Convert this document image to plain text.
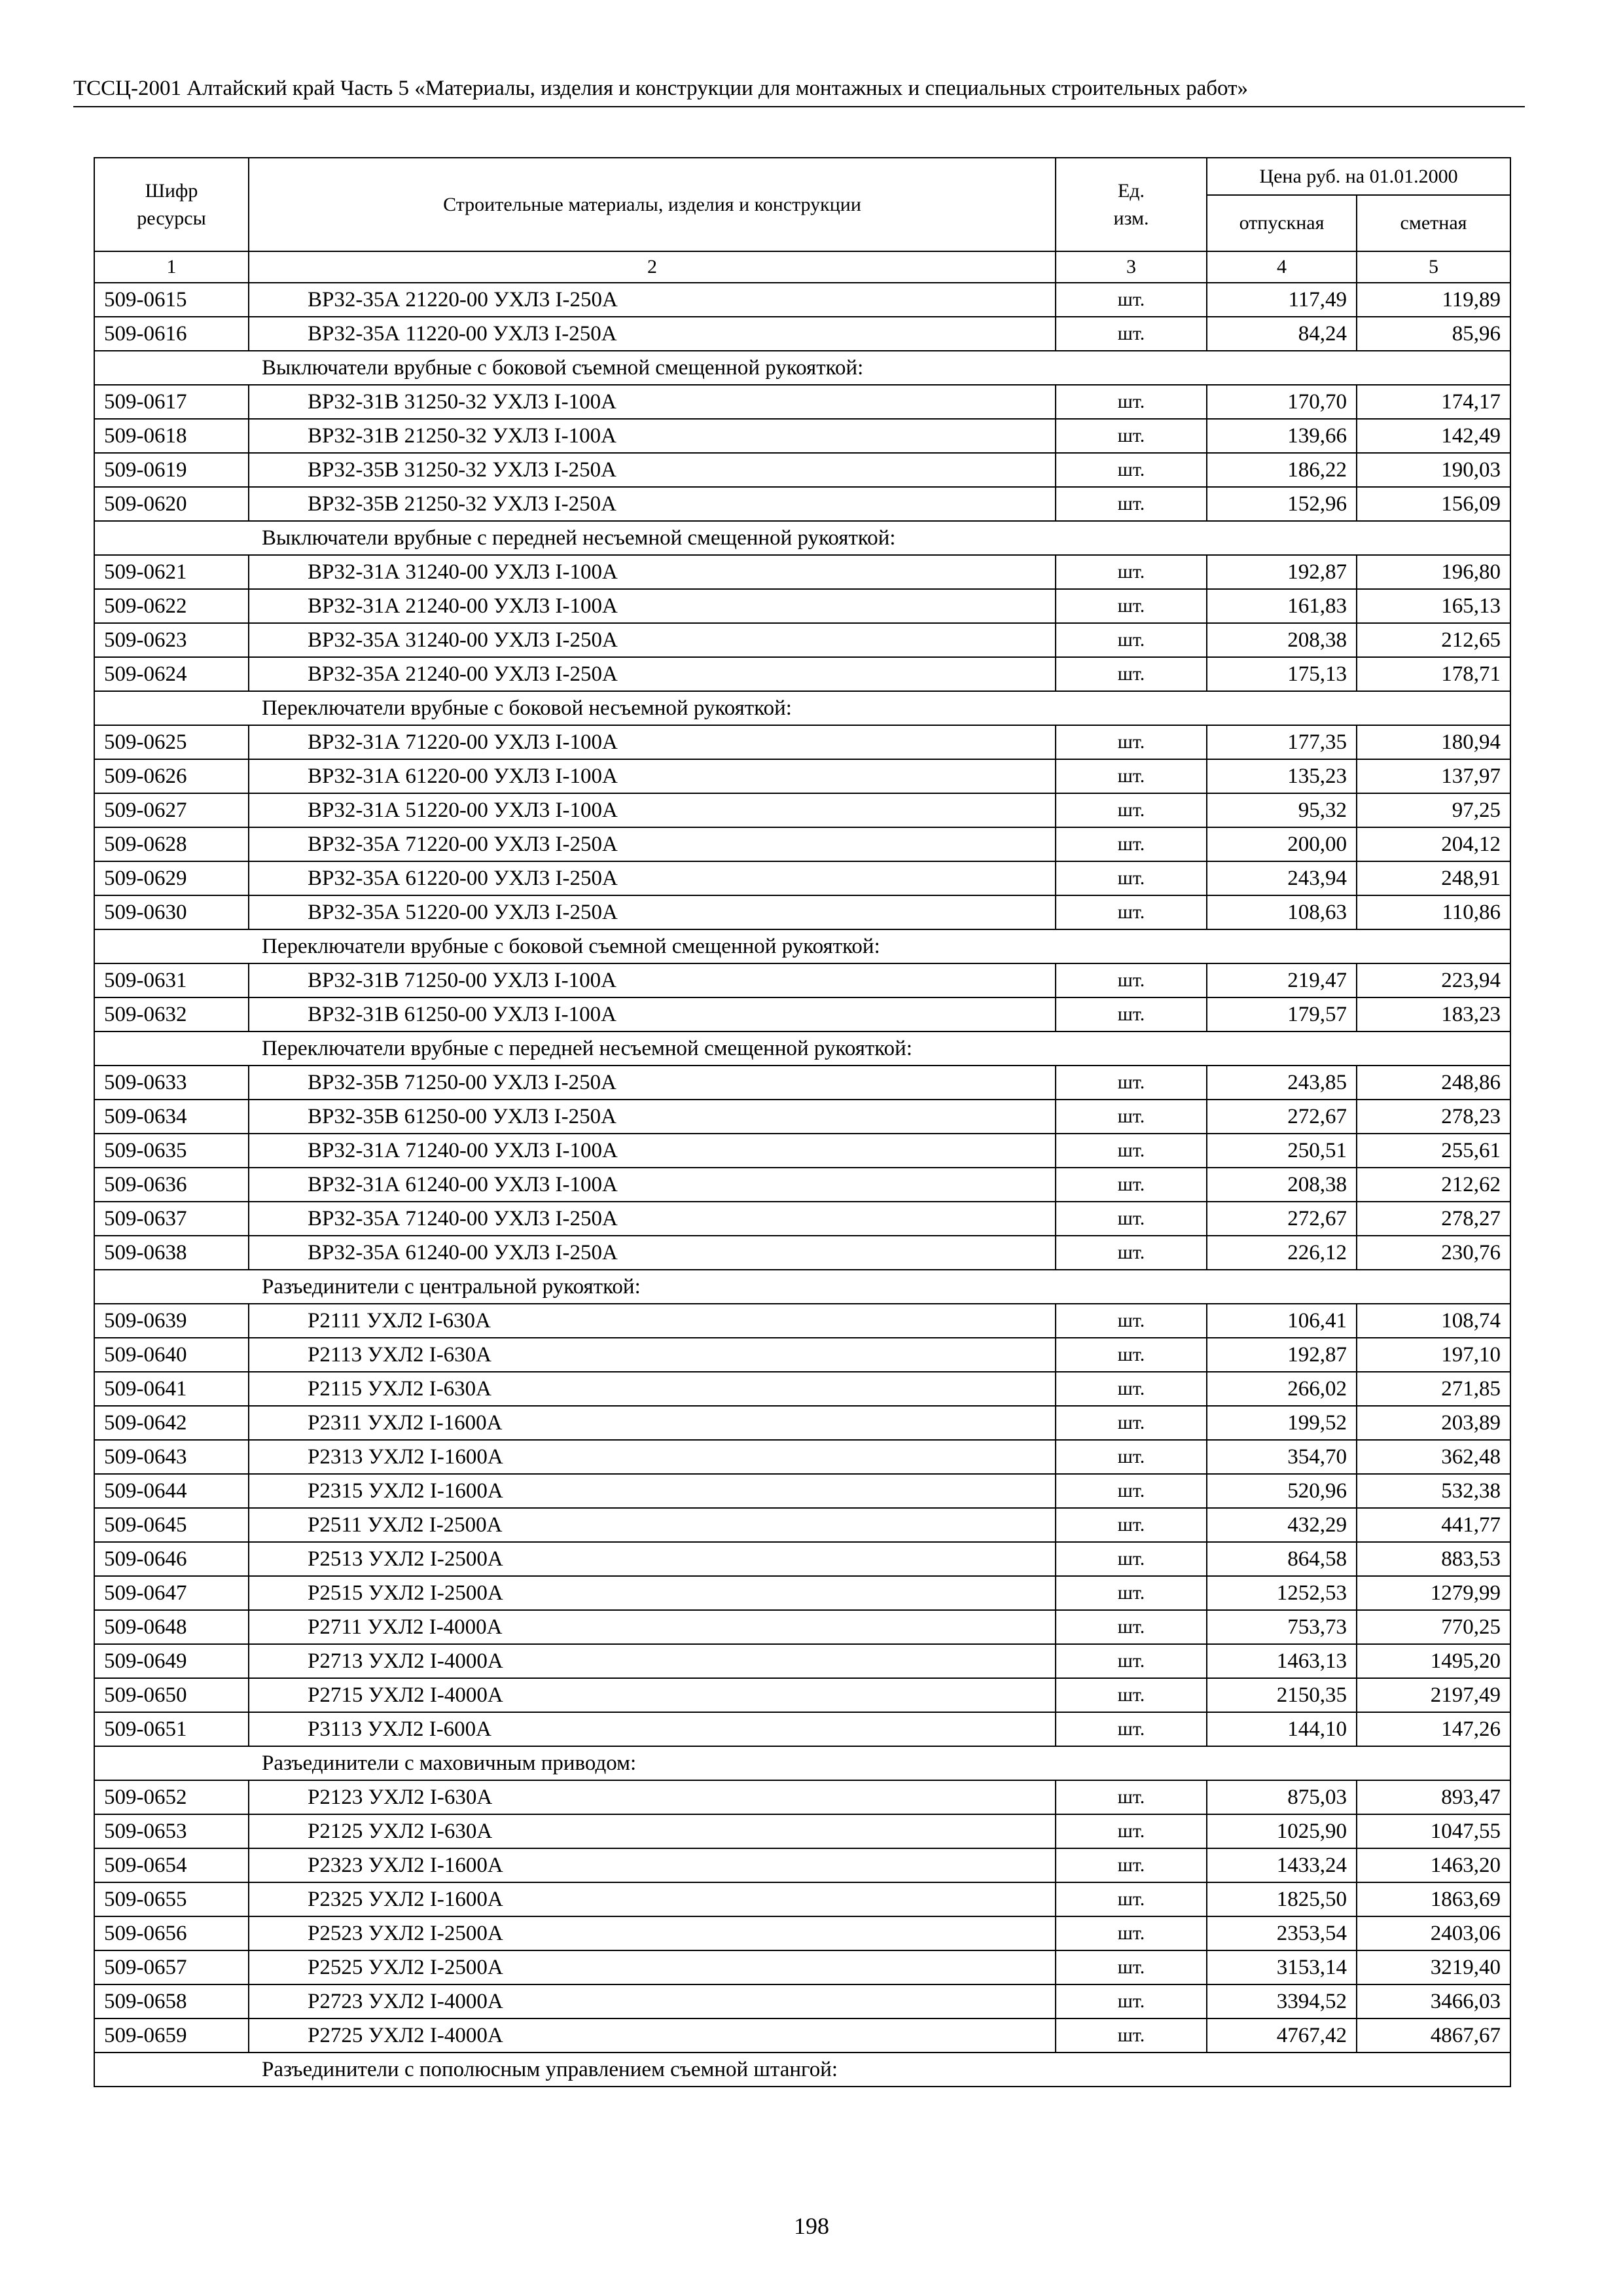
ТССЦ-2001 Алтайский край Часть 5 «Материалы, изделия и конструкции для монтажных и специальных строительных работ»
Шифр ресурсы	Строительные материалы, изделия и конструкции	Ед. изм.	Цена руб. на 01.01.2000	
			отпускная	сметная
1	2	3	4	5
509-0615	ВР32-35А 21220-00 УХЛ3 I-250А	шт.	117,49	119,89
509-0616	ВР32-35А 11220-00 УХЛ3 I-250А	шт.	84,24	85,96
Выключатели врубные с боковой съемной смещенной рукояткой:				
509-0617	ВР32-31В 31250-32 УХЛ3 I-100А	шт.	170,70	174,17
509-0618	ВР32-31В 21250-32 УХЛ3 I-100А	шт.	139,66	142,49
509-0619	ВР32-35В 31250-32 УХЛ3 I-250А	шт.	186,22	190,03
509-0620	ВР32-35В 21250-32 УХЛ3 I-250А	шт.	152,96	156,09
Выключатели врубные с передней несъемной смещенной рукояткой:				
509-0621	ВР32-31А 31240-00 УХЛ3 I-100А	шт.	192,87	196,80
509-0622	ВР32-31А 21240-00 УХЛ3 I-100А	шт.	161,83	165,13
509-0623	ВР32-35А 31240-00 УХЛ3 I-250А	шт.	208,38	212,65
509-0624	ВР32-35А 21240-00 УХЛ3 I-250А	шт.	175,13	178,71
Переключатели врубные с боковой несъемной рукояткой:				
509-0625	ВР32-31А 71220-00 УХЛ3 I-100А	шт.	177,35	180,94
509-0626	ВР32-31А 61220-00 УХЛ3 I-100А	шт.	135,23	137,97
509-0627	ВР32-31А 51220-00 УХЛ3 I-100А	шт.	95,32	97,25
509-0628	ВР32-35А 71220-00 УХЛ3 I-250А	шт.	200,00	204,12
509-0629	ВР32-35А 61220-00 УХЛ3 I-250А	шт.	243,94	248,91
509-0630	ВР32-35А 51220-00 УХЛ3 I-250А	шт.	108,63	110,86
Переключатели врубные с боковой съемной смещенной рукояткой:				
509-0631	ВР32-31В 71250-00 УХЛ3 I-100А	шт.	219,47	223,94
509-0632	ВР32-31В 61250-00 УХЛ3 I-100А	шт.	179,57	183,23
Переключатели врубные с передней несъемной смещенной рукояткой:				
509-0633	ВР32-35В 71250-00 УХЛ3 I-250А	шт.	243,85	248,86
509-0634	ВР32-35В 61250-00 УХЛ3 I-250А	шт.	272,67	278,23
509-0635	ВР32-31А 71240-00 УХЛ3 I-100А	шт.	250,51	255,61
509-0636	ВР32-31А 61240-00 УХЛ3 I-100А	шт.	208,38	212,62
509-0637	ВР32-35А 71240-00 УХЛ3 I-250А	шт.	272,67	278,27
509-0638	ВР32-35А 61240-00 УХЛ3 I-250А	шт.	226,12	230,76
Разъединители с центральной рукояткой:				
509-0639	Р2111 УХЛ2 I-630А	шт.	106,41	108,74
509-0640	Р2113 УХЛ2 I-630А	шт.	192,87	197,10
509-0641	Р2115 УХЛ2 I-630А	шт.	266,02	271,85
509-0642	Р2311 УХЛ2 I-1600А	шт.	199,52	203,89
509-0643	Р2313 УХЛ2 I-1600А	шт.	354,70	362,48
509-0644	Р2315 УХЛ2 I-1600А	шт.	520,96	532,38
509-0645	Р2511 УХЛ2 I-2500А	шт.	432,29	441,77
509-0646	Р2513 УХЛ2 I-2500А	шт.	864,58	883,53
509-0647	Р2515 УХЛ2 I-2500А	шт.	1252,53	1279,99
509-0648	Р2711 УХЛ2 I-4000А	шт.	753,73	770,25
509-0649	Р2713 УХЛ2 I-4000А	шт.	1463,13	1495,20
509-0650	Р2715 УХЛ2 I-4000А	шт.	2150,35	2197,49
509-0651	Р3113 УХЛ2 I-600А	шт.	144,10	147,26
Разъединители с маховичным приводом:				
509-0652	Р2123 УХЛ2 I-630А	шт.	875,03	893,47
509-0653	Р2125 УХЛ2 I-630А	шт.	1025,90	1047,55
509-0654	Р2323 УХЛ2 I-1600А	шт.	1433,24	1463,20
509-0655	Р2325 УХЛ2 I-1600А	шт.	1825,50	1863,69
509-0656	Р2523 УХЛ2 I-2500А	шт.	2353,54	2403,06
509-0657	Р2525 УХЛ2 I-2500А	шт.	3153,14	3219,40
509-0658	Р2723 УХЛ2 I-4000А	шт.	3394,52	3466,03
509-0659	Р2725 УХЛ2 I-4000А	шт.	4767,42	4867,67
Разъединители с пополюсным управлением съемной штангой:				
198
